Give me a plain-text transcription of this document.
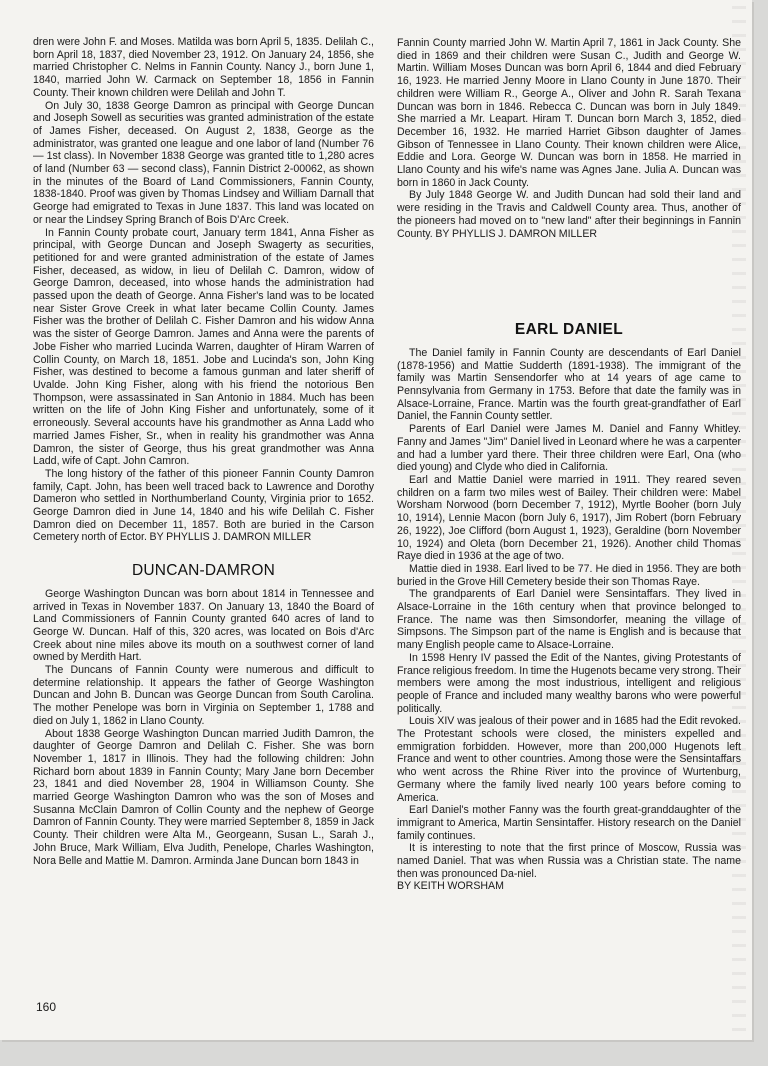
dren were John F. and Moses. Matilda was born April 5, 1835. Delilah C., born April 18, 1837, died November 23, 1912. On January 24, 1856, she married Christopher C. Nelms in Fannin County. Nancy J., born June 1, 1840, married John W. Carmack on September 18, 1856 in Fannin County. Their known children were Delilah and John T.

On July 30, 1838 George Damron as principal with George Duncan and Joseph Sowell as securities was granted administration of the estate of James Fisher, deceased. On August 2, 1838, George as the administrator, was granted one league and one labor of land (Number 76 — 1st class). In November 1838 George was granted title to 1,280 acres of land (Number 63 — second class), Fannin District 2-00062, as shown in the minutes of the Board of Land Commissioners, Fannin County, 1838-1840. Proof was given by Thomas Lindsey and William Darnall that George had emigrated to Texas in June 1837. This land was located on or near the Lindsey Spring Branch of Bois D'Arc Creek.

In Fannin County probate court, January term 1841, Anna Fisher as principal, with George Duncan and Joseph Swagerty as securities, petitioned for and were granted administration of the estate of James Fisher, deceased, as widow, in lieu of Delilah C. Damron, widow of George Damron, deceased, into whose hands the administration had passed upon the death of George. Anna Fisher's land was to be located near Sister Grove Creek in what later became Collin County. James Fisher was the brother of Delilah C. Fisher Damron and his widow Anna was the sister of George Damron. James and Anna were the parents of Jobe Fisher who married Lucinda Warren, daughter of Hiram Warren of Collin County, on March 18, 1851. Jobe and Lucinda's son, John King Fisher, was destined to become a famous gunman and later sheriff of Uvalde. John King Fisher, along with his friend the notorious Ben Thompson, were assassinated in San Antonio in 1884. Much has been written on the life of John King Fisher and unfortunately, some of it erroneously. Several accounts have his grandmother as Anna Ladd who married James Fisher, Sr., when in reality his grandmother was Anna Damron, the sister of George, thus his great grandmother was Anna Ladd, wife of Capt. John Camron.

The long history of the father of this pioneer Fannin County Damron family, Capt. John, has been well traced back to Lawrence and Dorothy Dameron who settled in Northumberland County, Virginia prior to 1652. George Damron died in June 14, 1840 and his wife Delilah C. Fisher Damron died on December 11, 1857. Both are buried in the Carson Cemetery north of Ector. BY PHYLLIS J. DAMRON MILLER

DUNCAN-DAMRON

George Washington Duncan was born about 1814 in Tennessee and arrived in Texas in November 1837. On January 13, 1840 the Board of Land Commissioners of Fannin County granted 640 acres of land to George W. Duncan. Half of this, 320 acres, was located on Bois d'Arc Creek about nine miles above its mouth on a southwest corner of land owned by Merdith Hart.

The Duncans of Fannin County were numerous and difficult to determine relationship. It appears the father of George Washington Duncan and John B. Duncan was George Duncan from South Carolina. The mother Penelope was born in Virginia on September 1, 1788 and died on July 1, 1862 in Llano County.

About 1838 George Washington Duncan married Judith Damron, the daughter of George Damron and Delilah C. Fisher. She was born November 1, 1817 in Illinois. They had the following children: John Richard born about 1839 in Fannin County; Mary Jane born December 23, 1841 and died November 28, 1904 in Williamson County. She married George Washington Damron who was the son of Moses and Susanna McClain Damron of Collin County and the nephew of George Damron of Fannin County. They were married September 8, 1859 in Jack County. Their children were Alta M., Georgeann, Susan L., Sarah J., John Bruce, Mark William, Elva Judith, Penelope, Charles Washington, Nora Belle and Mattie M. Damron. Arminda Jane Duncan born 1843 in

Fannin County married John W. Martin April 7, 1861 in Jack County. She died in 1869 and their children were Susan C., Judith and George W. Martin. William Moses Duncan was born April 6, 1844 and died February 16, 1923. He married Jenny Moore in Llano County in June 1870. Their children were William R., George A., Oliver and John R. Sarah Texana Duncan was born in 1846. Rebecca C. Duncan was born in July 1849. She married a Mr. Leapart. Hiram T. Duncan born March 3, 1852, died December 16, 1932. He married Harriet Gibson daughter of James Gibson of Tennessee in Llano County. Their known children were Alice, Eddie and Lora. George W. Duncan was born in 1858. He married in Llano County and his wife's name was Agnes Jane. Julia A. Duncan was born in 1860 in Jack County.

By July 1848 George W. and Judith Duncan had sold their land and were residing in the Travis and Caldwell County area. Thus, another of the pioneers had moved on to "new land" after their beginnings in Fannin County. BY PHYLLIS J. DAMRON MILLER

EARL DANIEL

The Daniel family in Fannin County are descendants of Earl Daniel (1878-1956) and Mattie Sudderth (1891-1938). The immigrant of the family was Martin Sensendorfer who at 14 years of age came to Pennsylvania from Germany in 1753. Before that date the family was in Alsace-Lorraine, France. Martin was the fourth great-grandfather of Earl Daniel, the Fannin County settler.

Parents of Earl Daniel were James M. Daniel and Fanny Whitley. Fanny and James "Jim" Daniel lived in Leonard where he was a carpenter and had a lumber yard there. Their three children were Earl, Ona (who died young) and Clyde who died in California.

Earl and Mattie Daniel were married in 1911. They reared seven children on a farm two miles west of Bailey. Their children were: Mabel Worsham Norwood (born December 7, 1912), Myrtle Booher (born July 10, 1914), Lennie Macon (born July 6, 1917), Jim Robert (born February 26, 1922), Joe Clifford (born August 1, 1923), Geraldine (born November 10, 1924) and Oleta (born December 21, 1926). Another child Thomas Raye died in 1936 at the age of two.

Mattie died in 1938. Earl lived to be 77. He died in 1956. They are both buried in the Grove Hill Cemetery beside their son Thomas Raye.

The grandparents of Earl Daniel were Sensintaffars. They lived in Alsace-Lorraine in the 16th century when that province belonged to France. The name was then Simsondorfer, meaning the village of Simpsons. The Simpson part of the name is English and is because that many English people came to Alsace-Lorraine.

In 1598 Henry IV passed the Edit of the Nantes, giving Protestants of France religious freedom. In time the Hugenots became very strong. Their members were among the most industrious, intelligent and religious people of France and included many wealthy barons who were powerful politically.

Louis XIV was jealous of their power and in 1685 had the Edit revoked. The Protestant schools were closed, the ministers expelled and emmigration forbidden. However, more than 200,000 Hugenots left France and went to other countries. Among those were the Sensintaffars who went across the Rhine River into the province of Wurtenburg, Germany where the family lived nearly 100 years before coming to America.

Earl Daniel's mother Fanny was the fourth great-granddaughter of the immigrant to America, Martin Sensintaffer. History research on the Daniel family continues.

It is interesting to note that the first prince of Moscow, Russia was named Daniel. That was when Russia was a Christian state. The name then was pronounced Da-niel.

BY KEITH WORSHAM

160
